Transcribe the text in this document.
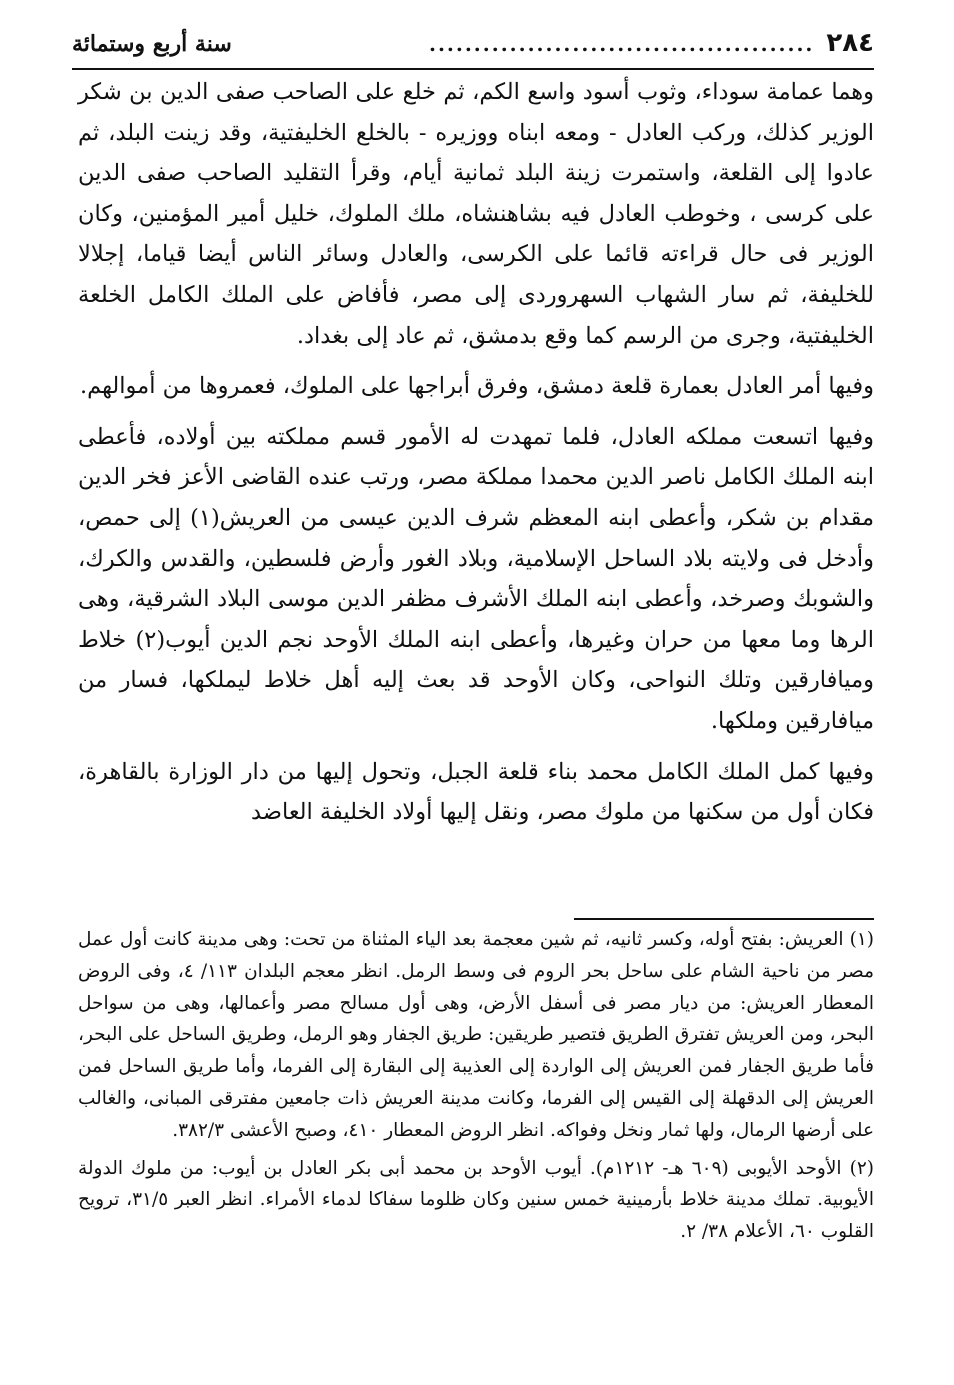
٢٨٤
...........................................
سنة أربع وستمائة

وهما عمامة سوداء، وثوب أسود واسع الكم، ثم خلع على الصاحب صفى الدين بن شكر الوزير كذلك، وركب العادل - ومعه ابناه ووزيره - بالخلع الخليفتية، وقد زينت البلد، ثم عادوا إلى القلعة، واستمرت زينة البلد ثمانية أيام، وقرأ التقليد الصاحب صفى الدين على كرسى ، وخوطب العادل فيه بشاهنشاه، ملك الملوك، خليل أمير المؤمنين، وكان الوزير فى حال قراءته قائما على الكرسى، والعادل وسائر الناس أيضا قياما، إجلالا للخليفة، ثم سار الشهاب السهروردى إلى مصر، فأفاض على الملك الكامل الخلعة الخليفتية، وجرى من الرسم كما وقع بدمشق، ثم عاد إلى بغداد.

وفيها أمر العادل بعمارة قلعة دمشق، وفرق أبراجها على الملوك، فعمروها من أموالهم.

وفيها اتسعت مملكه العادل، فلما تمهدت له الأمور قسم مملكته بين أولاده، فأعطى ابنه الملك الكامل ناصر الدين محمدا مملكة مصر، ورتب عنده القاضى الأعز فخر الدين مقدام بن شكر، وأعطى ابنه المعظم شرف الدين عيسى من العريش(١) إلى حمص، وأدخل فى ولايته بلاد الساحل الإسلامية، وبلاد الغور وأرض فلسطين، والقدس والكرك، والشوبك وصرخد، وأعطى ابنه الملك الأشرف مظفر الدين موسى البلاد الشرقية، وهى الرها وما معها من حران وغيرها، وأعطى ابنه الملك الأوحد نجم الدين أيوب(٢) خلاط وميافارقين وتلك النواحى، وكان الأوحد قد بعث إليه أهل خلاط ليملكها، فسار من ميافارقين وملكها.

وفيها كمل الملك الكامل محمد بناء قلعة الجبل، وتحول إليها من دار الوزارة بالقاهرة، فكان أول من سكنها من ملوك مصر، ونقل إليها أولاد الخليفة العاضد

(١) العريش: بفتح أوله، وكسر ثانيه، ثم شين معجمة بعد الياء المثناة من تحت: وهى مدينة كانت أول عمل مصر من ناحية الشام على ساحل بحر الروم فى وسط الرمل. انظر معجم البلدان ١١٣/ ٤، وفى الروض المعطار العريش: من ديار مصر فى أسفل الأرض، وهى أول مسالح مصر وأعمالها، وهى من سواحل البحر، ومن العريش تفترق الطريق فتصير طريقين: طريق الجفار وهو الرمل، وطريق الساحل على البحر، فأما طريق الجفار فمن العريش إلى الواردة إلى العذيبة إلى البقارة إلى الفرما، وأما طريق الساحل فمن العريش إلى الدقهلة إلى القيس إلى الفرما، وكانت مدينة العريش ذات جامعين مفترقى المبانى، والغالب على أرضها الرمال، ولها ثمار ونخل وفواكه. انظر الروض المعطار ٤١٠، وصبح الأعشى ٣٨٢/٣.

(٢) الأوحد الأيوبى (٦٠٩ هـ- ١٢١٢م). أيوب الأوحد بن محمد أبى بكر العادل بن أيوب: من ملوك الدولة الأيوبية. تملك مدينة خلاط بأرمينية خمس سنين وكان ظلوما سفاكا لدماء الأمراء. انظر العبر ٣١/٥، ترويح القلوب ٦٠، الأعلام ٣٨/ ٢.
